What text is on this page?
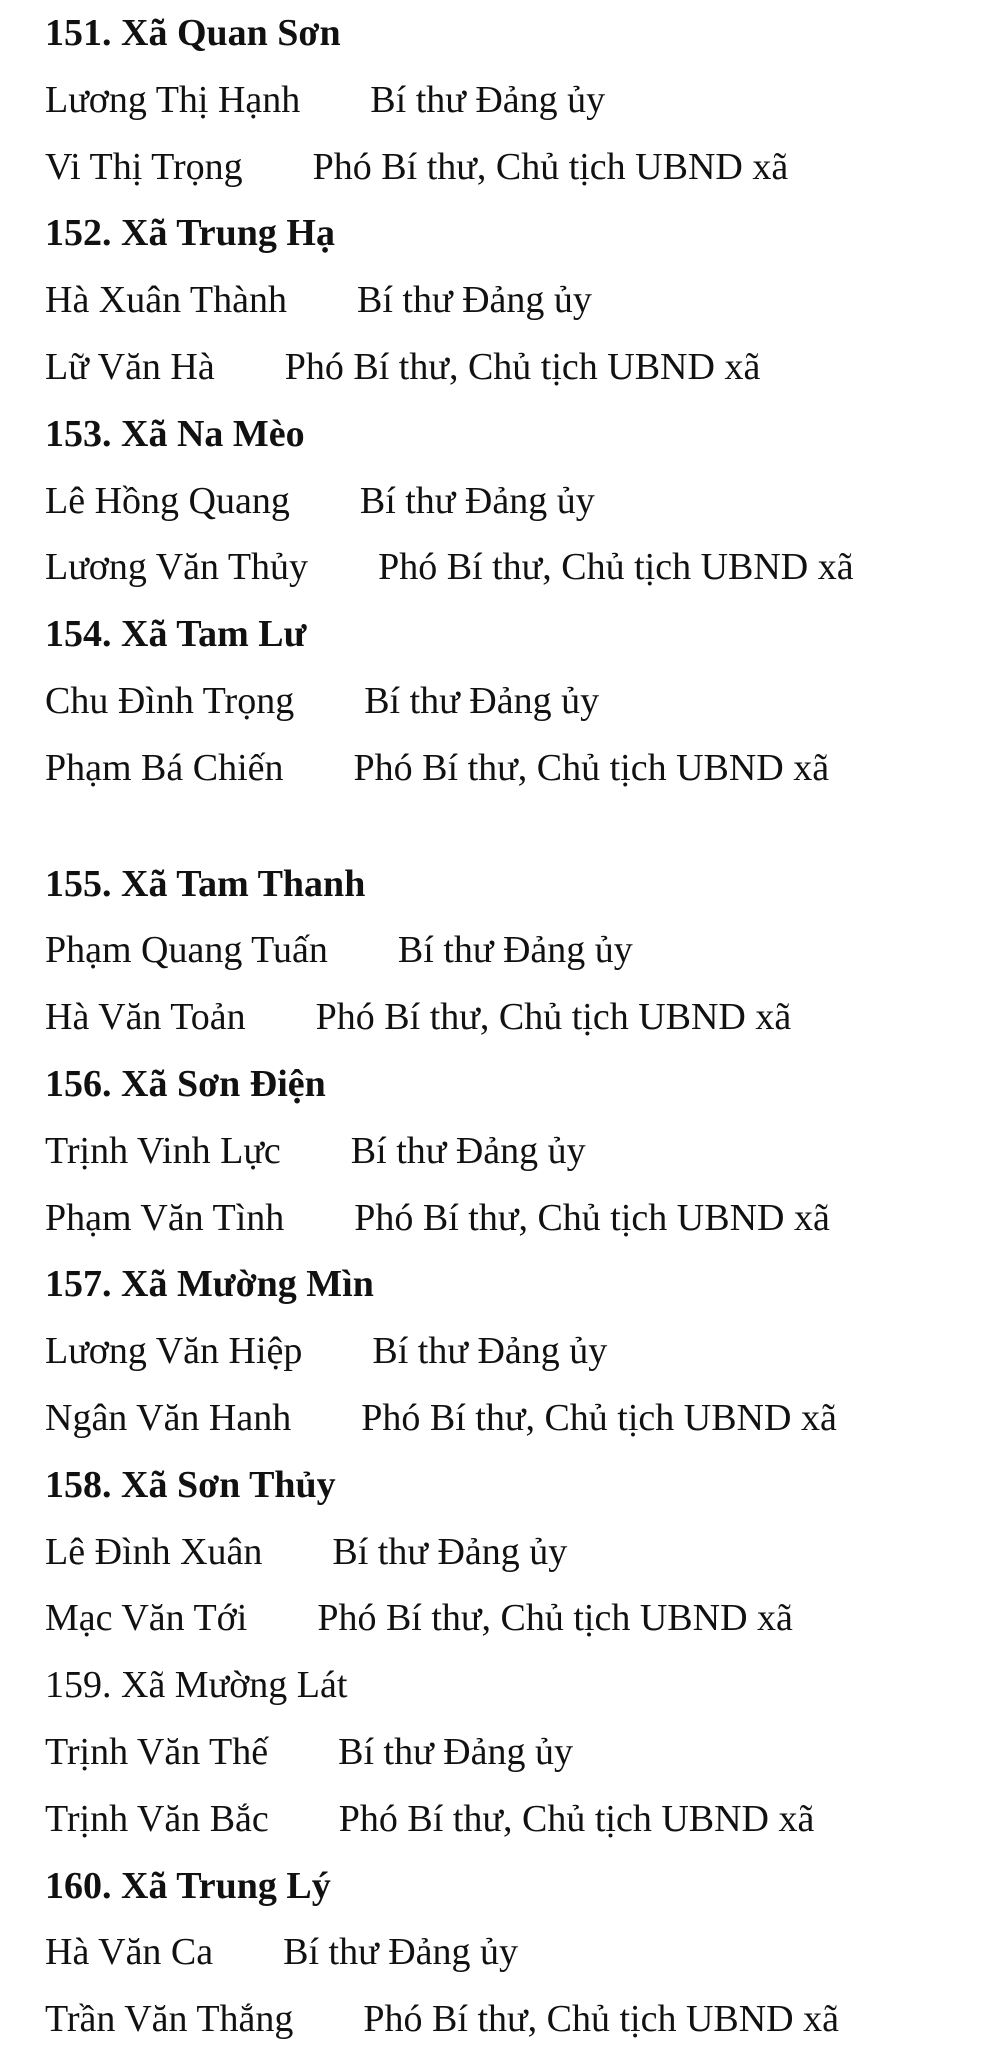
151. Xã Quan Sơn
Lương Thị Hạnh Bí thư Đảng ủy
Vi Thị Trọng Phó Bí thư, Chủ tịch UBND xã
152. Xã Trung Hạ
Hà Xuân Thành Bí thư Đảng ủy
Lữ Văn Hà Phó Bí thư, Chủ tịch UBND xã
153. Xã Na Mèo
Lê Hồng Quang Bí thư Đảng ủy
Lương Văn Thủy Phó Bí thư, Chủ tịch UBND xã
154. Xã Tam Lư
Chu Đình Trọng Bí thư Đảng ủy
Phạm Bá Chiến Phó Bí thư, Chủ tịch UBND xã
155. Xã Tam Thanh
Phạm Quang Tuấn Bí thư Đảng ủy
Hà Văn Toản Phó Bí thư, Chủ tịch UBND xã
156. Xã Sơn Điện
Trịnh Vinh Lực Bí thư Đảng ủy
Phạm Văn Tình Phó Bí thư, Chủ tịch UBND xã
157. Xã Mường Mìn
Lương Văn Hiệp Bí thư Đảng ủy
Ngân Văn Hanh Phó Bí thư, Chủ tịch UBND xã
158. Xã Sơn Thủy
Lê Đình Xuân Bí thư Đảng ủy
Mạc Văn Tới Phó Bí thư, Chủ tịch UBND xã
159. Xã Mường Lát
Trịnh Văn Thế Bí thư Đảng ủy
Trịnh Văn Bắc Phó Bí thư, Chủ tịch UBND xã
160. Xã Trung Lý
Hà Văn Ca Bí thư Đảng ủy
Trần Văn Thắng Phó Bí thư, Chủ tịch UBND xã
